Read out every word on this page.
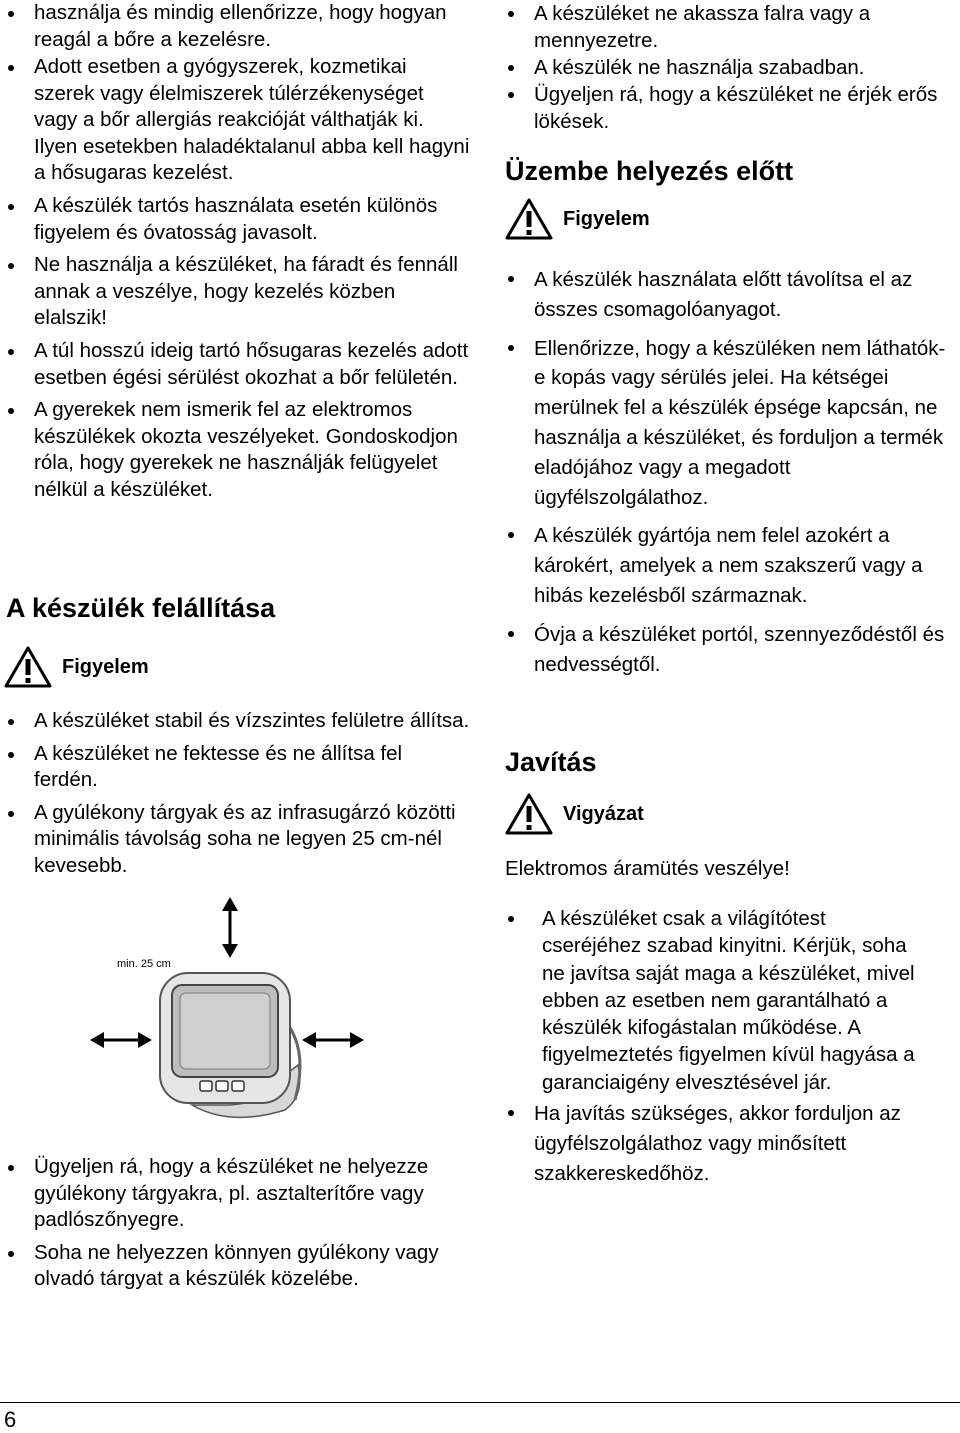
használja és mindig ellenőrizze, hogy hogyan reagál a bőre a kezelésre.
Adott esetben a gyógyszerek, kozmetikai szerek vagy élelmiszerek túlérzékenységet vagy a bőr allergiás reakcióját válthatják ki. Ilyen esetekben haladéktalanul abba kell hagyni a hősugaras kezelést.
A készülék tartós használata esetén különös figyelem és óvatosság javasolt.
Ne használja a készüléket, ha fáradt és fennáll annak a veszélye, hogy kezelés közben elalszik!
A túl hosszú ideig tartó hősugaras kezelés adott esetben égési sérülést okozhat a bőr felületén.
A gyerekek nem ismerik fel az elektromos készülékek okozta veszélyeket. Gondoskodjon róla, hogy gyerekek ne használják felügyelet nélkül a készüléket.
A készülék felállítása
Figyelem
A készüléket stabil és vízszintes felületre állítsa.
A készüléket ne fektesse és ne állítsa fel ferdén.
A gyúlékony tárgyak és az infrasugárzó közötti minimális távolság soha ne legyen 25 cm-nél kevesebb.
min. 25 cm
Ügyeljen rá, hogy a készüléket ne helyezze gyúlékony tárgyakra, pl. asztalterítőre vagy padlószőnyegre.
Soha ne helyezzen könnyen gyúlékony vagy olvadó tárgyat a készülék közelébe.
A készüléket ne akassza falra vagy a mennyezetre.
A készülék ne használja szabadban.
Ügyeljen rá, hogy a készüléket ne érjék erős lökések.
Üzembe helyezés előtt
Figyelem
A készülék használata előtt távolítsa el az összes csomagolóanyagot.
Ellenőrizze, hogy a készüléken nem láthatók-e kopás vagy sérülés jelei. Ha kétségei merülnek fel a készülék épsége kapcsán, ne használja a készüléket, és forduljon a termék eladójához vagy a megadott ügyfélszolgálathoz.
A készülék gyártója nem felel azokért a károkért, amelyek a nem szakszerű vagy a hibás kezelésből származnak.
Óvja a készüléket portól, szennyeződéstől és nedvességtől.
Javítás
Vigyázat

Elektromos áramütés veszélye!

A készüléket csak a világítótest cseréjéhez szabad kinyitni. Kérjük, soha ne javítsa saját maga a készüléket, mivel ebben az esetben nem garantálható a készülék kifogástalan működése. A figyelmeztetés figyelmen kívül hagyása a garanciaigény elvesztésével jár.
Ha javítás szükséges, akkor forduljon az ügyfélszolgálathoz vagy minősített szakkereskedőhöz.
6
